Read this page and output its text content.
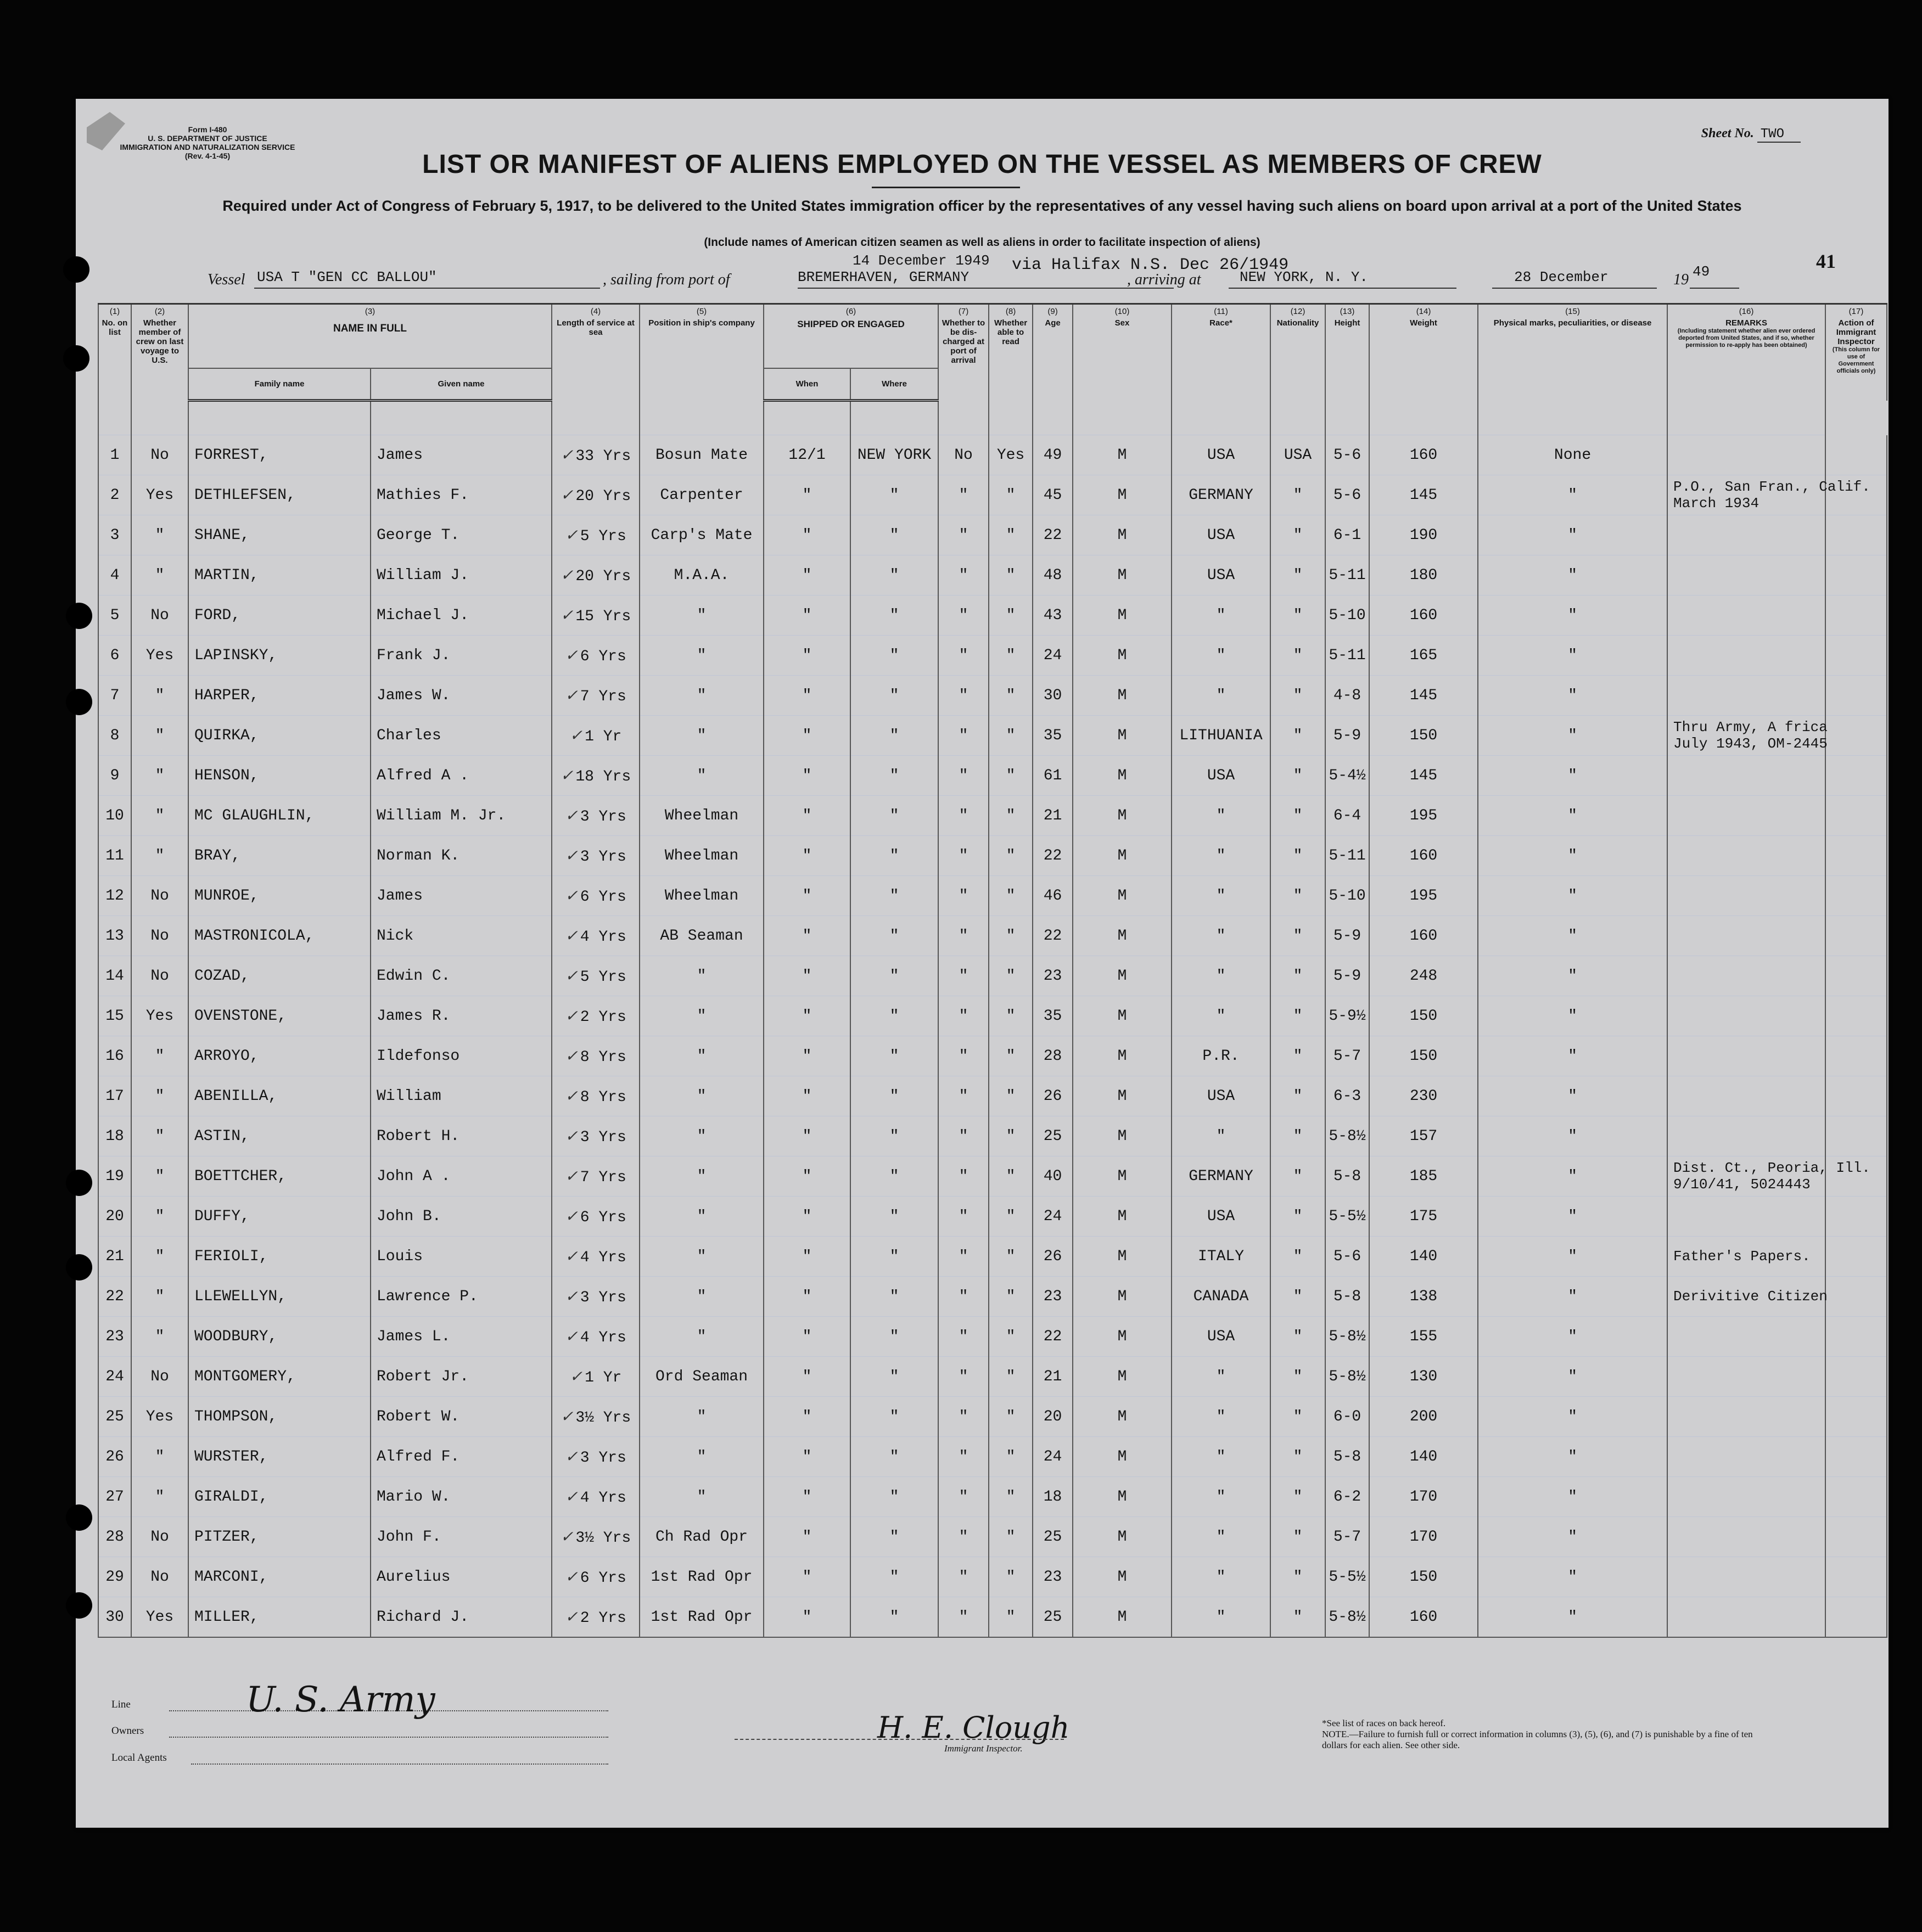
Form I-480
U. S. DEPARTMENT OF JUSTICE
IMMIGRATION AND NATURALIZATION SERVICE
(Rev. 4-1-45)
Sheet No. TWO
LIST OR MANIFEST OF ALIENS EMPLOYED ON THE VESSEL AS MEMBERS OF CREW
Required under Act of Congress of February 5, 1917, to be delivered to the United States immigration officer by the representatives of any vessel having such aliens on board upon arrival at a port of the United States
(Include names of American citizen seamen as well as aliens in order to facilitate inspection of aliens)
Vessel USA T "GEN CC BALLOU"	, sailing from port of
14 December 1949
BREMERHAVEN, GERMANY
via Halifax N.S. Dec 26/1949
, arriving at	NEW YORK, N. Y.	28 December	19 49	41
(1)
No. on list	(2)
Whether member of crew on last voyage to U.S.	(3)
NAME IN FULL		(4)
Length of service at sea	(5)
Position in ship's company	(6)
SHIPPED OR ENGAGED		(7)
Whether to be dis-charged at port of arrival	(8)
Whether able to read	(9)
Age	(10)
Sex	(11)
Race*	(12)
Nationality	(13)
Height	(14)
Weight	(15)
Physical marks, peculiarities, or disease	(16)
REMARKS
(Including statement whether alien ever ordered deported from United States, and if so, whether permission to re-apply has been obtained)	(17)
Action of Immigrant Inspector
(This column for use of Government officials only)

		Family name	Given name			When	Where											

1	No	FORREST,	James	✓ 33 Yrs	Bosun Mate	12/1	NEW YORK	No	Yes	49	M	USA	USA	5-6	160	None	

2	Yes	DETHLEFSEN,	Mathies F.	✓ 20 Yrs	Carpenter	"	"	"	"	45	M	GERMANY	"	5-6	145	"	P.O., San Fran., Calif.
March 1934	

3	"	SHANE,	George T.	✓ 5 Yrs	Carp's Mate	"	"	"	"	22	M	USA	"	6-1	190	"	

4	"	MARTIN,	William J.	✓ 20 Yrs	M.A.A.	"	"	"	"	48	M	USA	"	5-11	180	"	

5	No	FORD,	Michael J.	✓ 15 Yrs	"	"	"	"	"	43	M	"	"	5-10	160	"	

6	Yes	LAPINSKY,	Frank J.	✓ 6 Yrs	"	"	"	"	"	24	M	"	"	5-11	165	"	

7	"	HARPER,	James W.	✓ 7 Yrs	"	"	"	"	"	30	M	"	"	4-8	145	"	

8	"	QUIRKA,	Charles	✓ 1 Yr	"	"	"	"	"	35	M	LITHUANIA	"	5-9	150	"	Thru Army, A frica
July 1943, OM-2445	

9	"	HENSON,	Alfred A .	✓ 18 Yrs	"	"	"	"	"	61	M	USA	"	5-4½	145	"	

10	"	MC GLAUGHLIN,	William M. Jr.	✓ 3 Yrs	Wheelman	"	"	"	"	21	M	"	"	6-4	195	"	

11	"	BRAY,	Norman K.	✓ 3 Yrs	Wheelman	"	"	"	"	22	M	"	"	5-11	160	"	

12	No	MUNROE,	James	✓ 6 Yrs	Wheelman	"	"	"	"	46	M	"	"	5-10	195	"	

13	No	MASTRONICOLA,	Nick	✓ 4 Yrs	AB Seaman	"	"	"	"	22	M	"	"	5-9	160	"	

14	No	COZAD,	Edwin C.	✓ 5 Yrs	"	"	"	"	"	23	M	"	"	5-9	248	"	

15	Yes	OVENSTONE,	James R.	✓ 2 Yrs	"	"	"	"	"	35	M	"	"	5-9½	150	"	

16	"	ARROYO,	Ildefonso	✓ 8 Yrs	"	"	"	"	"	28	M	P.R.	"	5-7	150	"	

17	"	ABENILLA,	William	✓ 8 Yrs	"	"	"	"	"	26	M	USA	"	6-3	230	"	

18	"	ASTIN,	Robert H.	✓ 3 Yrs	"	"	"	"	"	25	M	"	"	5-8½	157	"	

19	"	BOETTCHER,	John A .	✓ 7 Yrs	"	"	"	"	"	40	M	GERMANY	"	5-8	185	"	Dist. Ct., Peoria, Ill.
9/10/41, 5024443	

20	"	DUFFY,	John B.	✓ 6 Yrs	"	"	"	"	"	24	M	USA	"	5-5½	175	"	

21	"	FERIOLI,	Louis	✓ 4 Yrs	"	"	"	"	"	26	M	ITALY	"	5-6	140	"	Father's Papers.	

22	"	LLEWELLYN,	Lawrence P.	✓ 3 Yrs	"	"	"	"	"	23	M	CANADA	"	5-8	138	"	Derivitive Citizen	

23	"	WOODBURY,	James L.	✓ 4 Yrs	"	"	"	"	"	22	M	USA	"	5-8½	155	"	

24	No	MONTGOMERY,	Robert Jr.	✓ 1 Yr	Ord Seaman	"	"	"	"	21	M	"	"	5-8½	130	"	

25	Yes	THOMPSON,	Robert W.	✓ 3½ Yrs	"	"	"	"	"	20	M	"	"	6-0	200	"	

26	"	WURSTER,	Alfred F.	✓ 3 Yrs	"	"	"	"	"	24	M	"	"	5-8	140	"	

27	"	GIRALDI,	Mario W.	✓ 4 Yrs	"	"	"	"	"	18	M	"	"	6-2	170	"	

28	No	PITZER,	John F.	✓ 3½ Yrs	Ch Rad Opr	"	"	"	"	25	M	"	"	5-7	170	"	

29	No	MARCONI,	Aurelius	✓ 6 Yrs	1st Rad Opr	"	"	"	"	23	M	"	"	5-5½	150	"	

30	Yes	MILLER,	Richard J.	✓ 2 Yrs	1st Rad Opr	"	"	"	"	25	M	"	"	5-8½	160	"	

Line	U. S. Army
Owners
Local Agents
H. E. Clough
Immigrant Inspector.
*See list of races on back hereof.
NOTE.—Failure to furnish full or correct information in columns (3), (5), (6), and (7) is punishable by a fine of ten dollars for each alien. See other side.
